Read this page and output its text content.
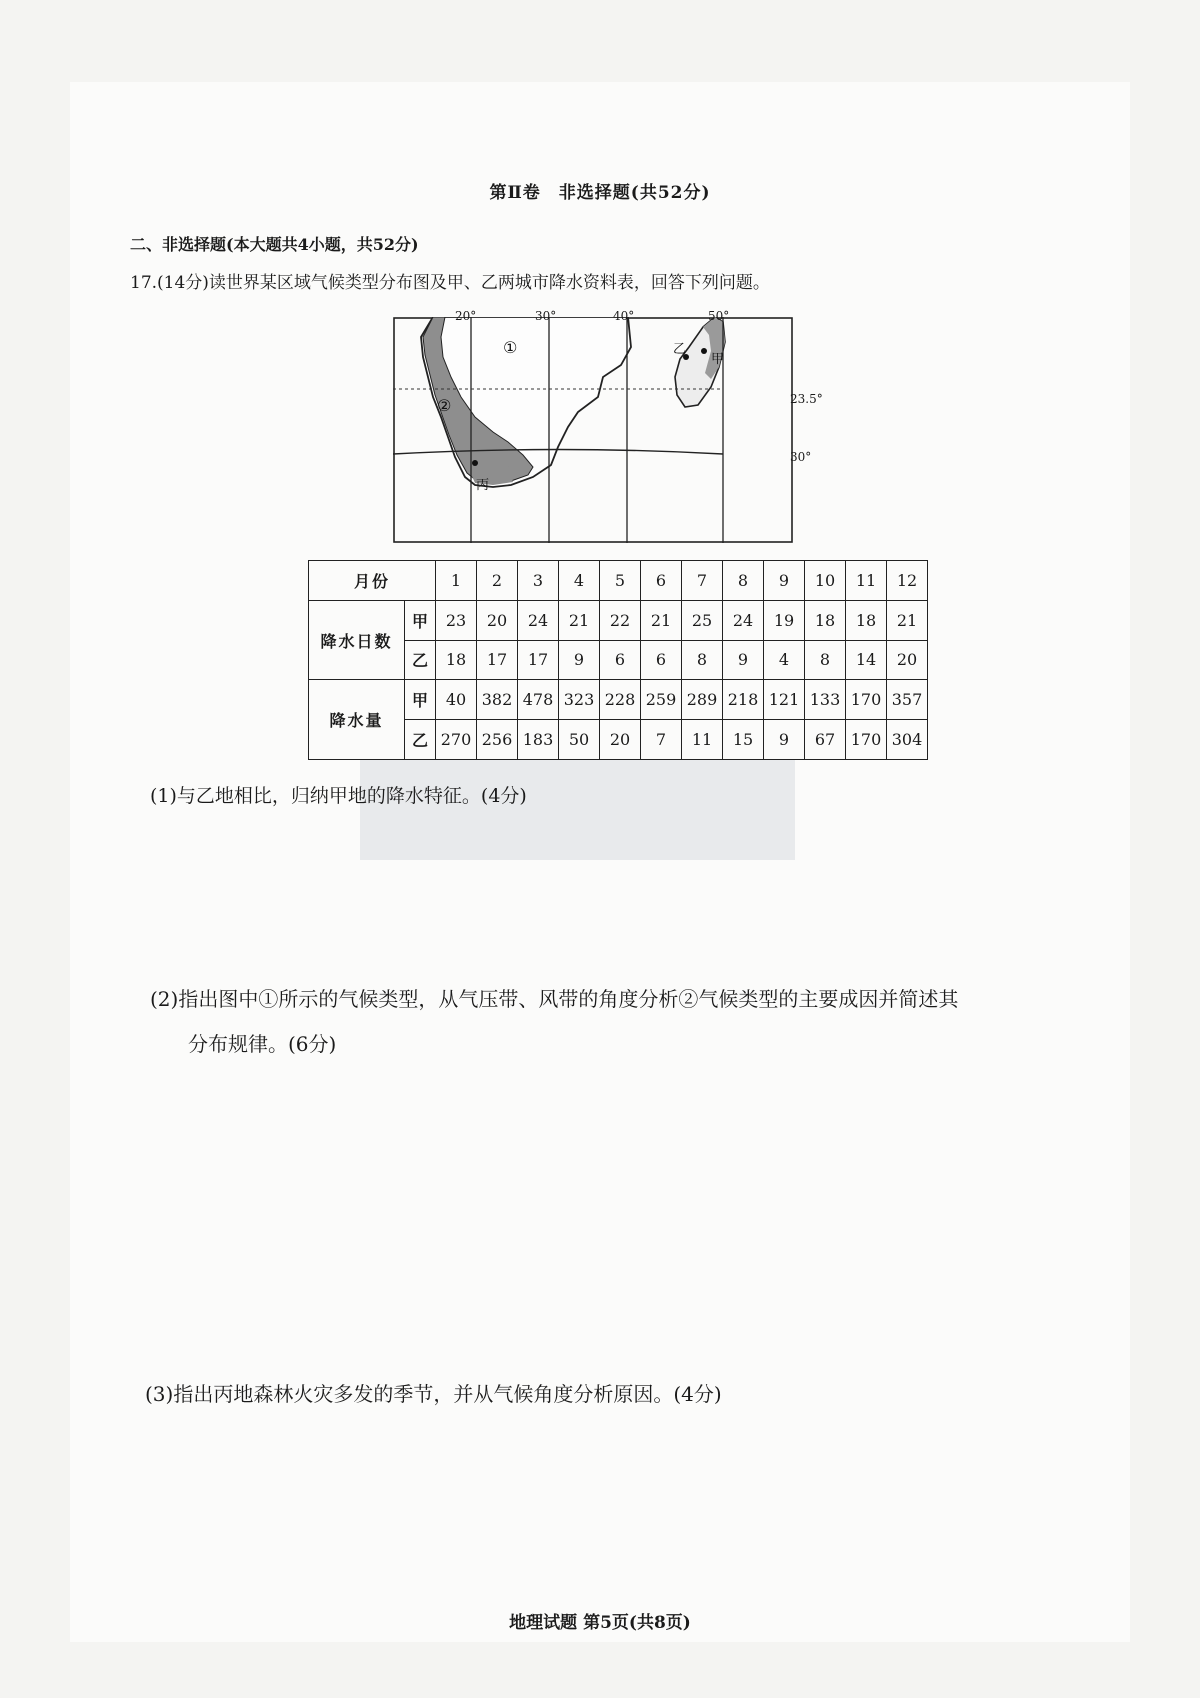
第Ⅱ卷　非选择题(共52分)
二、非选择题(本大题共4小题，共52分)
17.(14分)读世界某区域气候类型分布图及甲、乙两城市降水资料表，回答下列问题。
①
②
乙
甲
丙
23.5°
30°
20°	30°	40°	50°
月份		1	2	3	4	5	6	7	8	9	10	11	12
降水日数	甲	23	20	24	21	22	21	25	24	19	18	18	21
	乙	18	17	17	9	6	6	8	9	4	8	14	20
降水量	甲	40	382	478	323	228	259	289	218	121	133	170	357
	乙	270	256	183	50	20	7	11	15	9	67	170	304
(1)与乙地相比，归纳甲地的降水特征。(4分)
(2)指出图中①所示的气候类型，从气压带、风带的角度分析②气候类型的主要成因并简述其
分布规律。(6分)
(3)指出丙地森林火灾多发的季节，并从气候角度分析原因。(4分)
地理试题 第5页(共8页)
